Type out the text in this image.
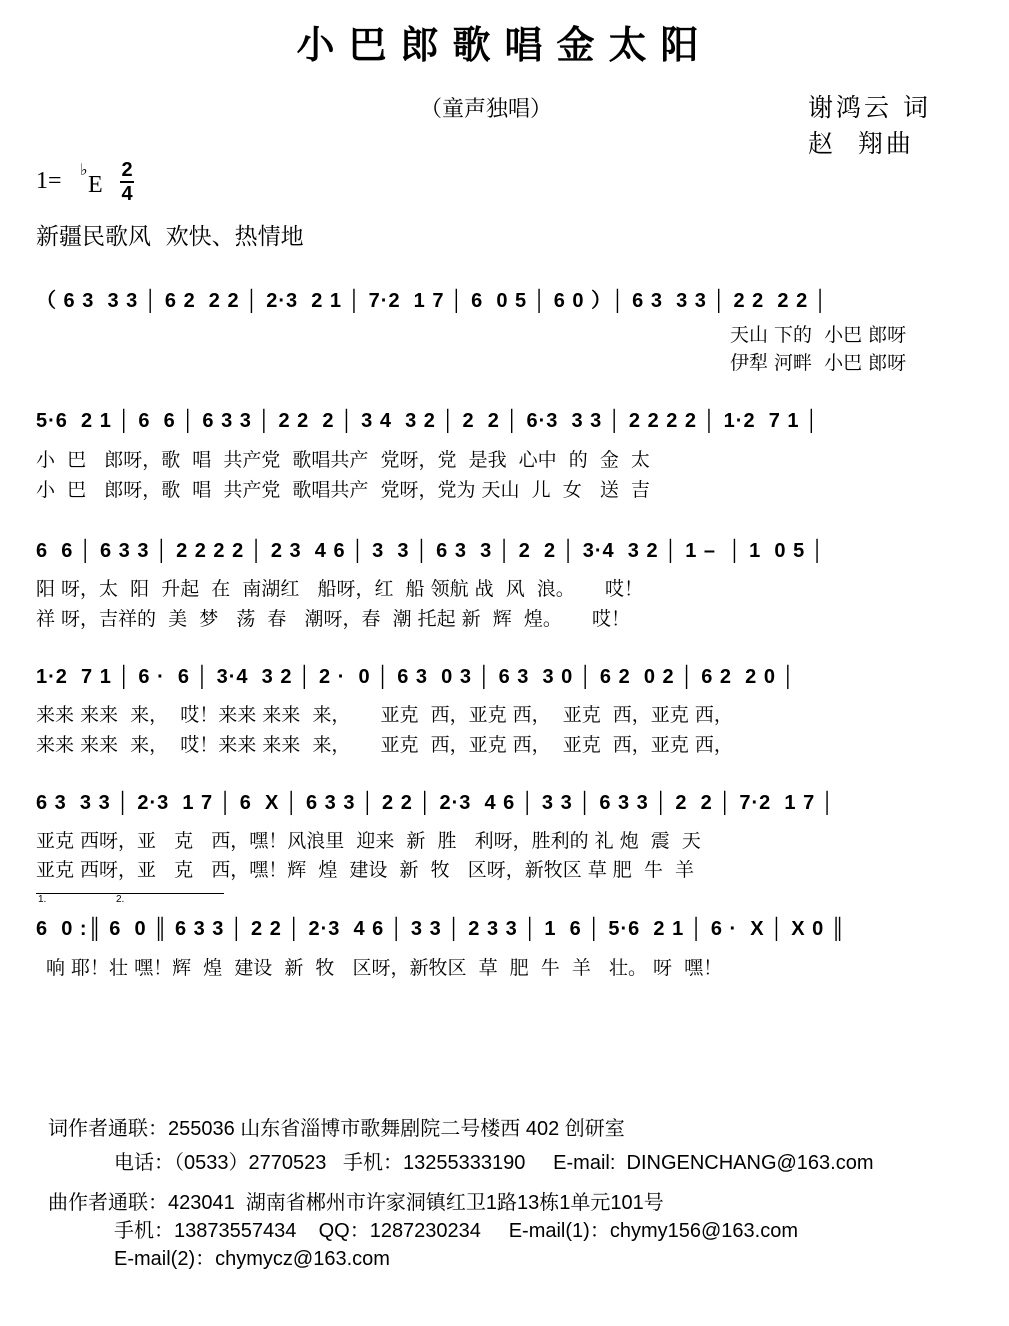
小巴郎歌唱金太阳
（童声独唱）	谢鸿云 词
赵  翔曲
1= ♭
E
2
4
新疆民歌风  欢快、热情地
（ 6 3  3 3 │ 6 2  2 2 │ 2·3  2 1 │ 7·2  1 7 │ 6  0 5 │ 6 0 ）│ 6 3  3 3 │ 2 2  2 2 │
天山 下的  小巴 郎呀
伊犁 河畔  小巴 郎呀
5·6  2 1 │ 6  6 │ 6 3 3 │ 2 2  2 │ 3 4  3 2 │ 2  2 │ 6·3  3 3 │ 2 2 2 2 │ 1·2  7 1 │
小  巴   郎呀，歌  唱  共产党  歌唱共产  党呀，党  是我  心中  的  金  太
小  巴   郎呀，歌  唱  共产党  歌唱共产  党呀，党为 天山  儿  女   送  吉
6  6 │ 6 3 3 │ 2 2 2 2 │ 2 3  4 6 │ 3  3 │ 6 3  3 │ 2  2 │ 3·4  3 2 │ 1 –  │ 1  0 5 │
阳 呀，太  阳  升起  在  南湖红   船呀，红  船 领航 战  风  浪。     哎！
祥 呀，吉祥的  美  梦   荡  春   潮呀，春  潮 托起 新  辉  煌。     哎！
1·2  7 1 │ 6 ·  6 │ 3·4  3 2 │ 2 ·  0 │ 6 3  0 3 │ 6 3  3 0 │ 6 2  0 2 │ 6 2  2 0 │
来来 来来  来，  哎！来来 来来  来，     亚克  西，亚克 西，  亚克  西，亚克 西，
来来 来来  来，  哎！来来 来来  来，     亚克  西，亚克 西，  亚克  西，亚克 西，
6 3  3 3 │ 2·3  1 7 │ 6  X │ 6 3 3 │ 2 2 │ 2·3  4 6 │ 3 3 │ 6 3 3 │ 2  2 │ 7·2  1 7 │
亚克 西呀，亚   克   西，嘿！风浪里  迎来  新  胜   利呀，胜利的 礼 炮  震  天
亚克 西呀，亚   克   西，嘿！辉  煌  建设  新  牧   区呀，新牧区 草 肥  牛  羊
1.	2.
6  0 :║ 6  0 ║ 6 3 3 │ 2 2 │ 2·3  4 6 │ 3 3 │ 2 3 3 │ 1  6 │ 5·6  2 1 │ 6 ·  X │ X 0 ║
响 耶！壮 嘿！辉  煌  建设  新  牧   区呀，新牧区  草  肥  牛  羊   壮。 呀  嘿！
词作者通联：255036 山东省淄博市歌舞剧院二号楼西 402 创研室
电话：（0533）2770523   手机：13255333190     E-mail:  DINGENCHANG@163.com
曲作者通联：423041  湖南省郴州市许家洞镇红卫1路13栋1单元101号
手机：13873557434    QQ：1287230234     E-mail(1)：chymy156@163.com
E-mail(2)：chymycz@163.com
